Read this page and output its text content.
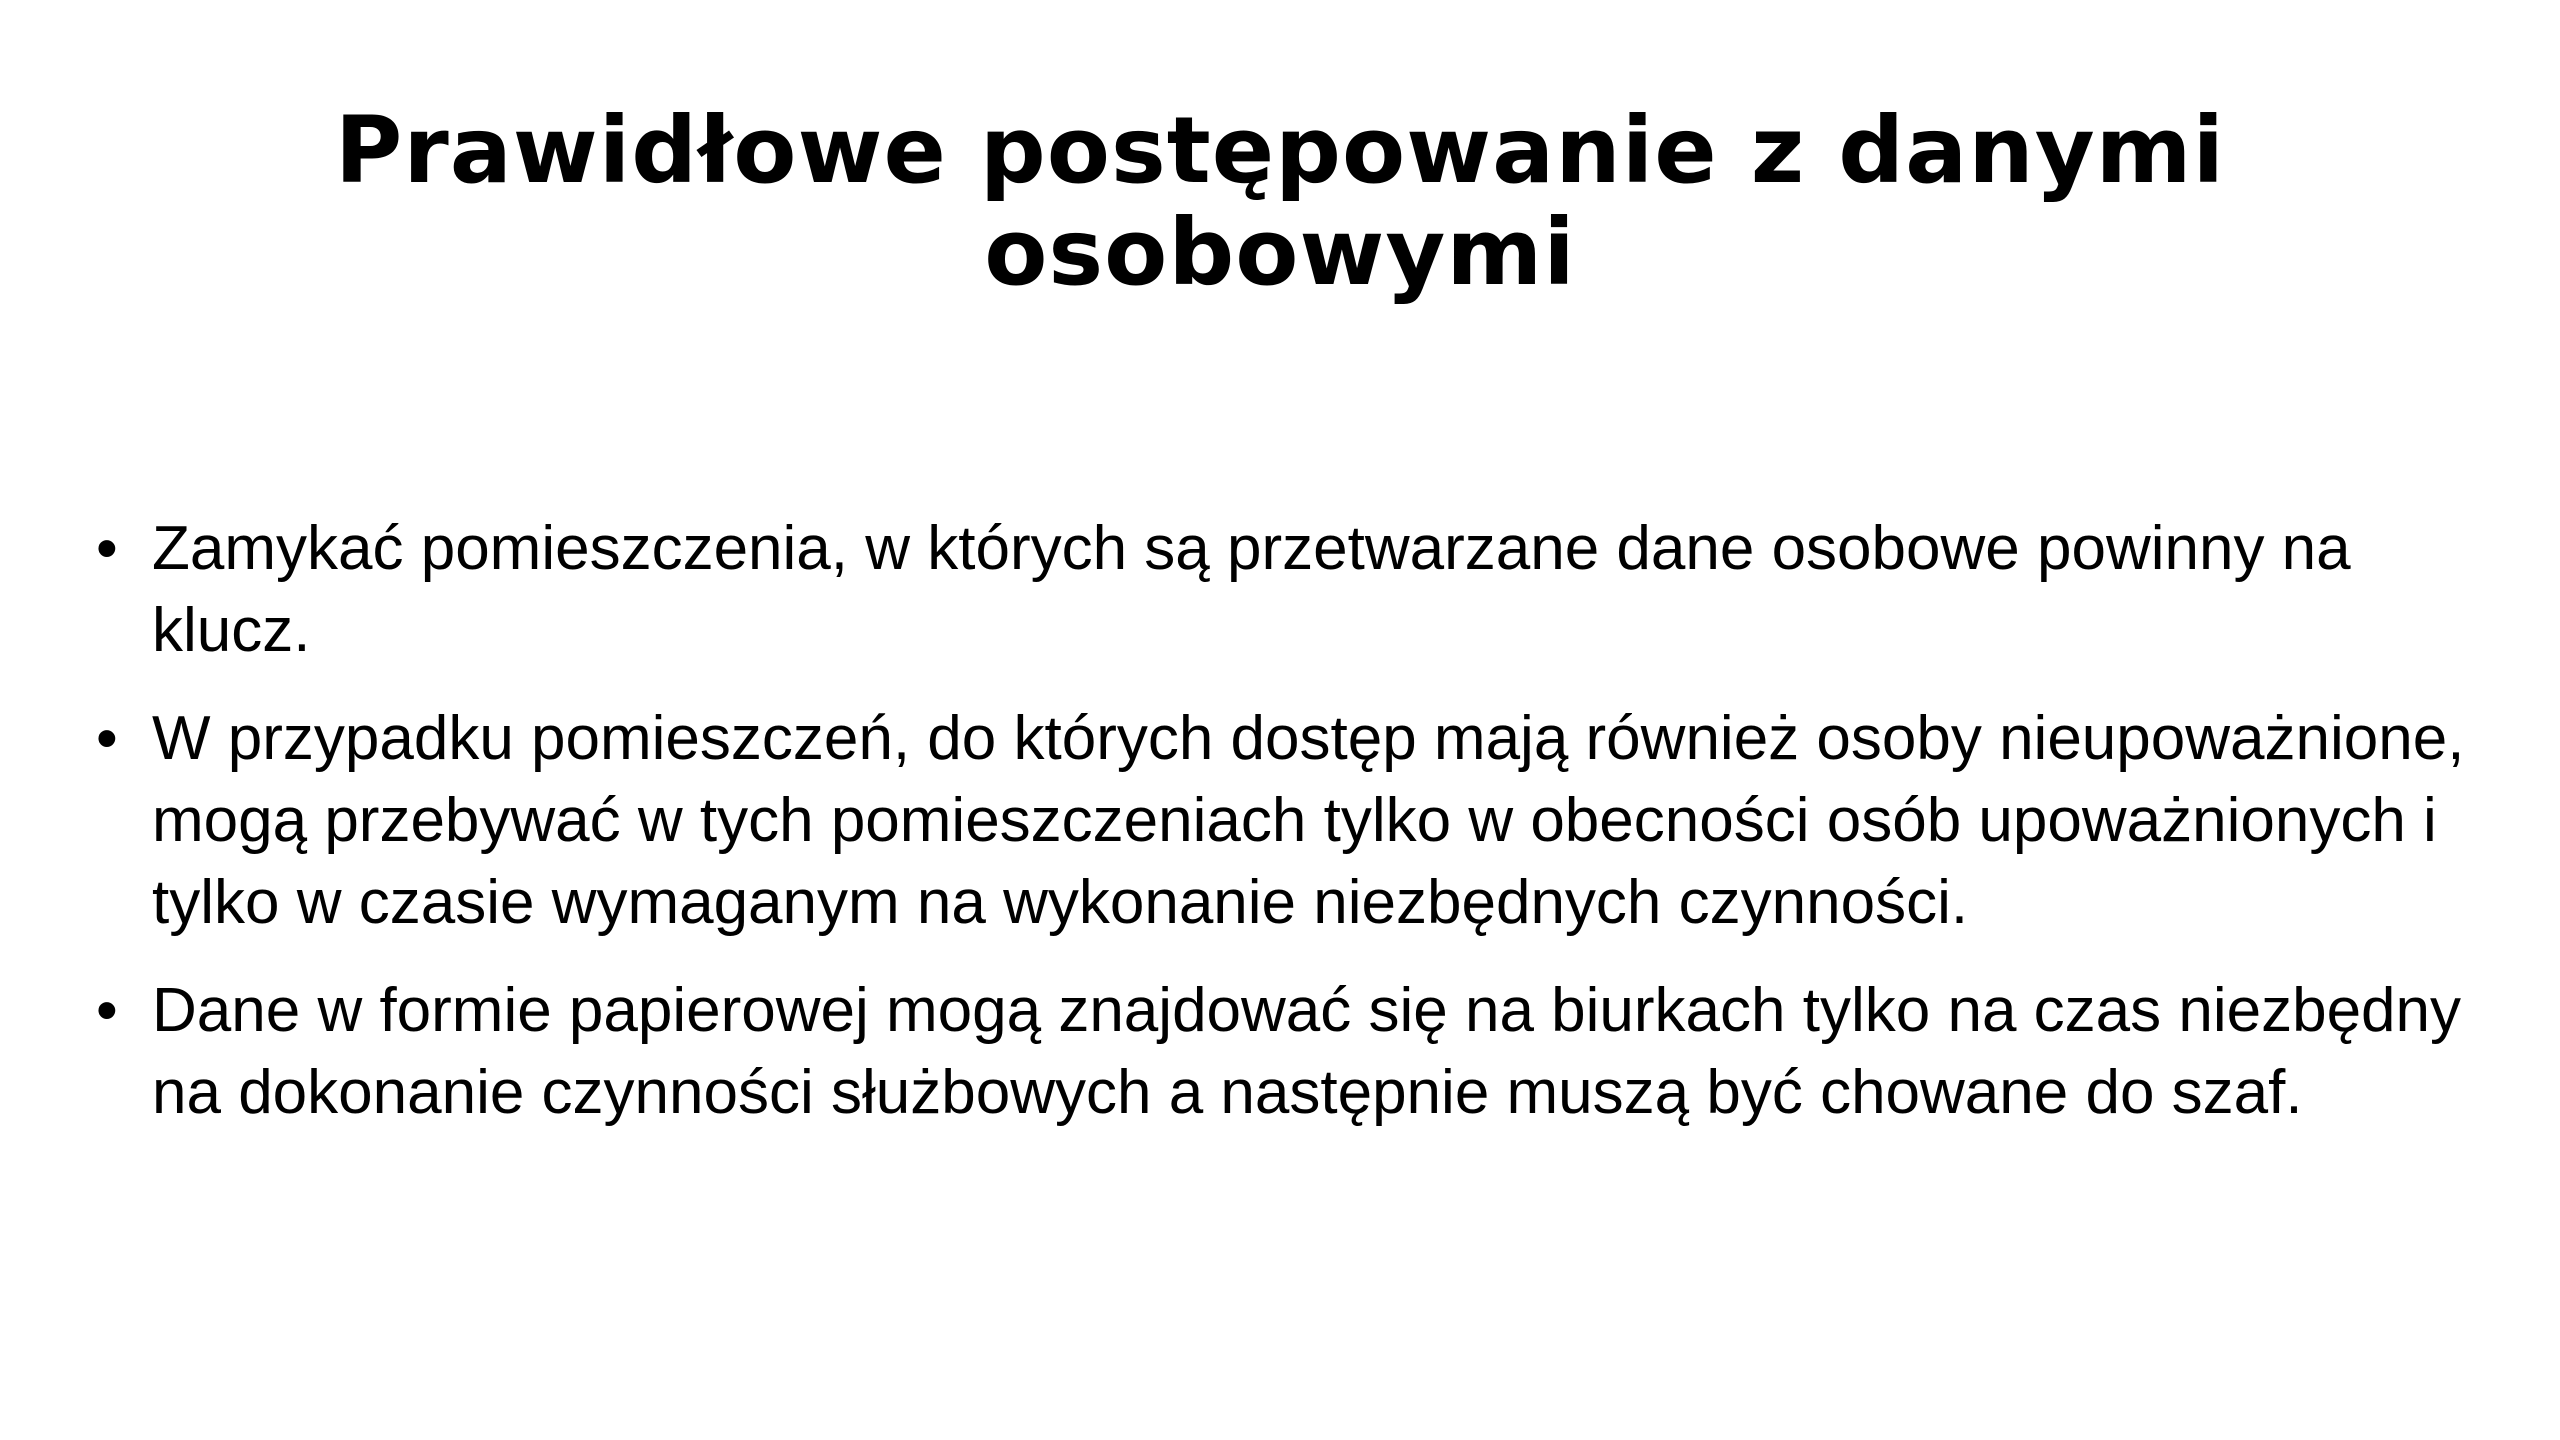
Prawidłowe postępowanie z danymi osobowymi
• Zamykać pomieszczenia, w których są przetwarzane dane osobowe powinny na klucz.
• W przypadku pomieszczeń, do których dostęp mają również osoby nieupoważnione, mogą przebywać w tych pomieszczeniach tylko w obecności osób upoważnionych i tylko w czasie wymaganym na wykonanie niezbędnych czynności.
• Dane w formie papierowej mogą znajdować się na biurkach tylko na czas niezbędny na dokonanie czynności służbowych a następnie muszą być chowane do szaf.
